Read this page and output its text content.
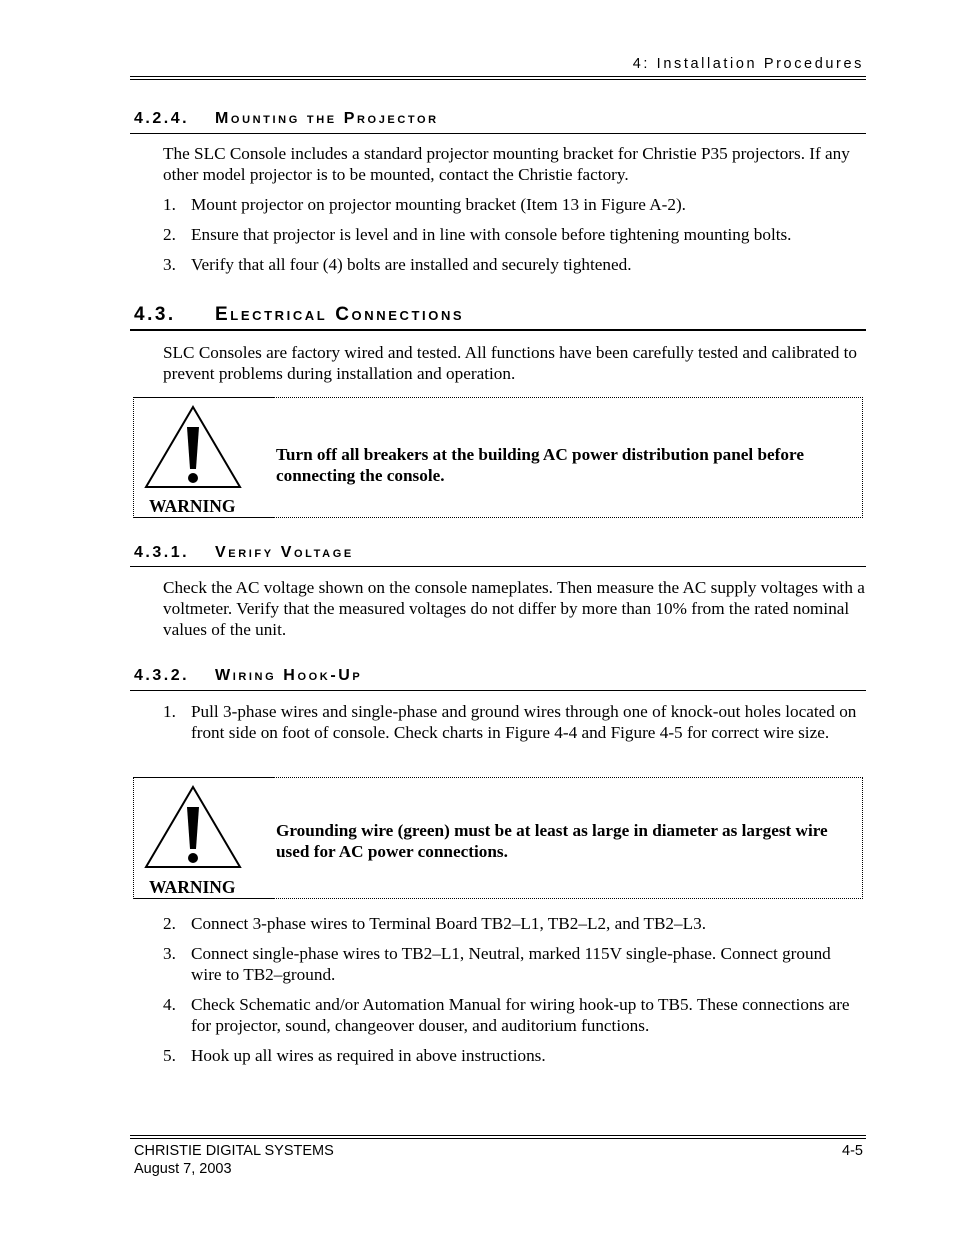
4: Installation Procedures
4.2.4. Mounting the Projector
The SLC Console includes a standard projector mounting bracket for Christie P35 projectors. If any other model projector is to be mounted, contact the Christie factory.
1. Mount projector on projector mounting bracket (Item 13 in Figure A-2).
2. Ensure that projector is level and in line with console before tightening mounting bolts.
3. Verify that all four (4) bolts are installed and securely tightened.
4.3. Electrical Connections
SLC Consoles are factory wired and tested. All functions have been carefully tested and calibrated to prevent problems during installation and operation.
WARNING
Turn off all breakers at the building AC power distribution panel before connecting the console.
4.3.1. Verify Voltage
Check the AC voltage shown on the console nameplates. Then measure the AC supply voltages with a voltmeter. Verify that the measured voltages do not differ by more than 10% from the rated nominal values of the unit.
4.3.2. Wiring Hook-Up
1. Pull 3-phase wires and single-phase and ground wires through one of knock-out holes located on front side on foot of console. Check charts in Figure 4-4 and Figure 4-5 for correct wire size.
WARNING
Grounding wire (green) must be at least as large in diameter as largest wire used for AC power connections.
2. Connect 3-phase wires to Terminal Board TB2–L1, TB2–L2, and TB2–L3.
3. Connect single-phase wires to TB2–L1, Neutral, marked 115V single-phase. Connect ground wire to TB2–ground.
4. Check Schematic and/or Automation Manual for wiring hook-up to TB5. These connections are for projector, sound, changeover douser, and auditorium functions.
5. Hook up all wires as required in above instructions.
CHRISTIE DIGITAL SYSTEMS
August 7, 2003
4-5
